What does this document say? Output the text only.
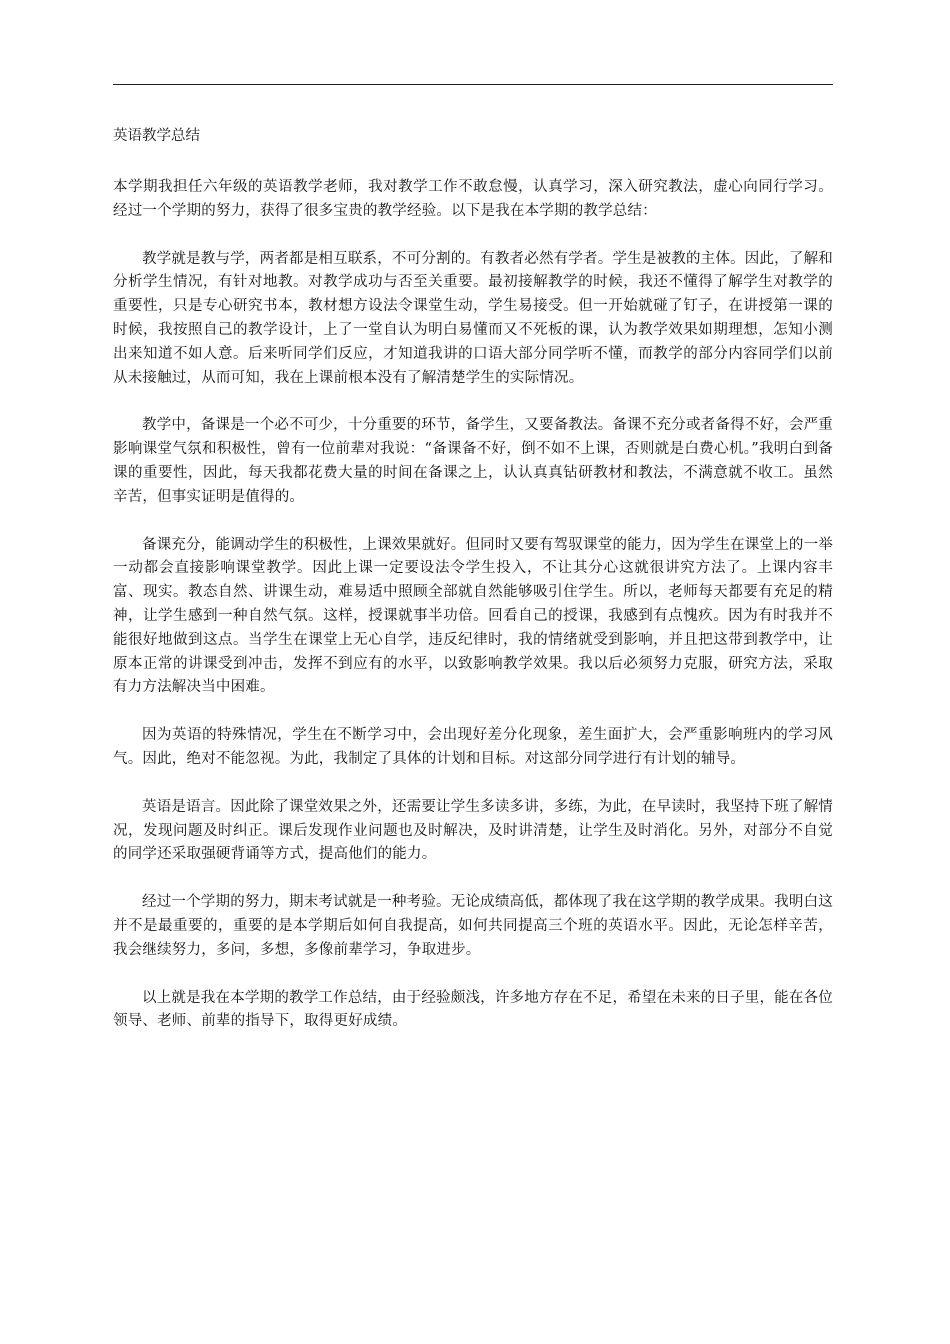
英语教学总结

本学期我担任六年级的英语教学老师，我对教学工作不敢怠慢，认真学习，深入研究教法，虚心向同行学习。经过一个学期的努力，获得了很多宝贵的教学经验。以下是我在本学期的教学总结：

教学就是教与学，两者都是相互联系，不可分割的。有教者必然有学者。学生是被教的主体。因此，了解和分析学生情况，有针对地教。对教学成功与否至关重要。最初接解教学的时候，我还不懂得了解学生对教学的重要性，只是专心研究书本，教材想方设法令课堂生动，学生易接受。但一开始就碰了钉子，在讲授第一课的时候，我按照自己的教学设计，上了一堂自认为明白易懂而又不死板的课，认为教学效果如期理想，怎知小测出来知道不如人意。后来听同学们反应，才知道我讲的口语大部分同学听不懂，而教学的部分内容同学们以前从未接触过，从而可知，我在上课前根本没有了解清楚学生的实际情况。

教学中，备课是一个必不可少，十分重要的环节，备学生，又要备教法。备课不充分或者备得不好，会严重影响课堂气氛和积极性，曾有一位前辈对我说：“备课备不好，倒不如不上课，否则就是白费心机。”我明白到备课的重要性，因此，每天我都花费大量的时间在备课之上，认认真真钻研教材和教法，不满意就不收工。虽然辛苦，但事实证明是值得的。

备课充分，能调动学生的积极性，上课效果就好。但同时又要有驾驭课堂的能力，因为学生在课堂上的一举一动都会直接影响课堂教学。因此上课一定要设法令学生投入，不让其分心这就很讲究方法了。上课内容丰富、现实。教态自然、讲课生动，难易适中照顾全部就自然能够吸引住学生。所以，老师每天都要有充足的精神，让学生感到一种自然气氛。这样，授课就事半功倍。回看自己的授课，我感到有点愧疚。因为有时我并不能很好地做到这点。当学生在课堂上无心自学，违反纪律时，我的情绪就受到影响，并且把这带到教学中，让原本正常的讲课受到冲击，发挥不到应有的水平，以致影响教学效果。我以后必须努力克服，研究方法，采取有力方法解决当中困难。

因为英语的特殊情况，学生在不断学习中，会出现好差分化现象，差生面扩大，会严重影响班内的学习风气。因此，绝对不能忽视。为此，我制定了具体的计划和目标。对这部分同学进行有计划的辅导。

英语是语言。因此除了课堂效果之外，还需要让学生多读多讲，多练，为此，在早读时，我坚持下班了解情况，发现问题及时纠正。课后发现作业问题也及时解决，及时讲清楚，让学生及时消化。另外，对部分不自觉的同学还采取强硬背诵等方式，提高他们的能力。

经过一个学期的努力，期末考试就是一种考验。无论成绩高低，都体现了我在这学期的教学成果。我明白这并不是最重要的，重要的是本学期后如何自我提高，如何共同提高三个班的英语水平。因此，无论怎样辛苦，我会继续努力，多问，多想，多像前辈学习，争取进步。

以上就是我在本学期的教学工作总结，由于经验颇浅，许多地方存在不足，希望在未来的日子里，能在各位领导、老师、前辈的指导下，取得更好成绩。
